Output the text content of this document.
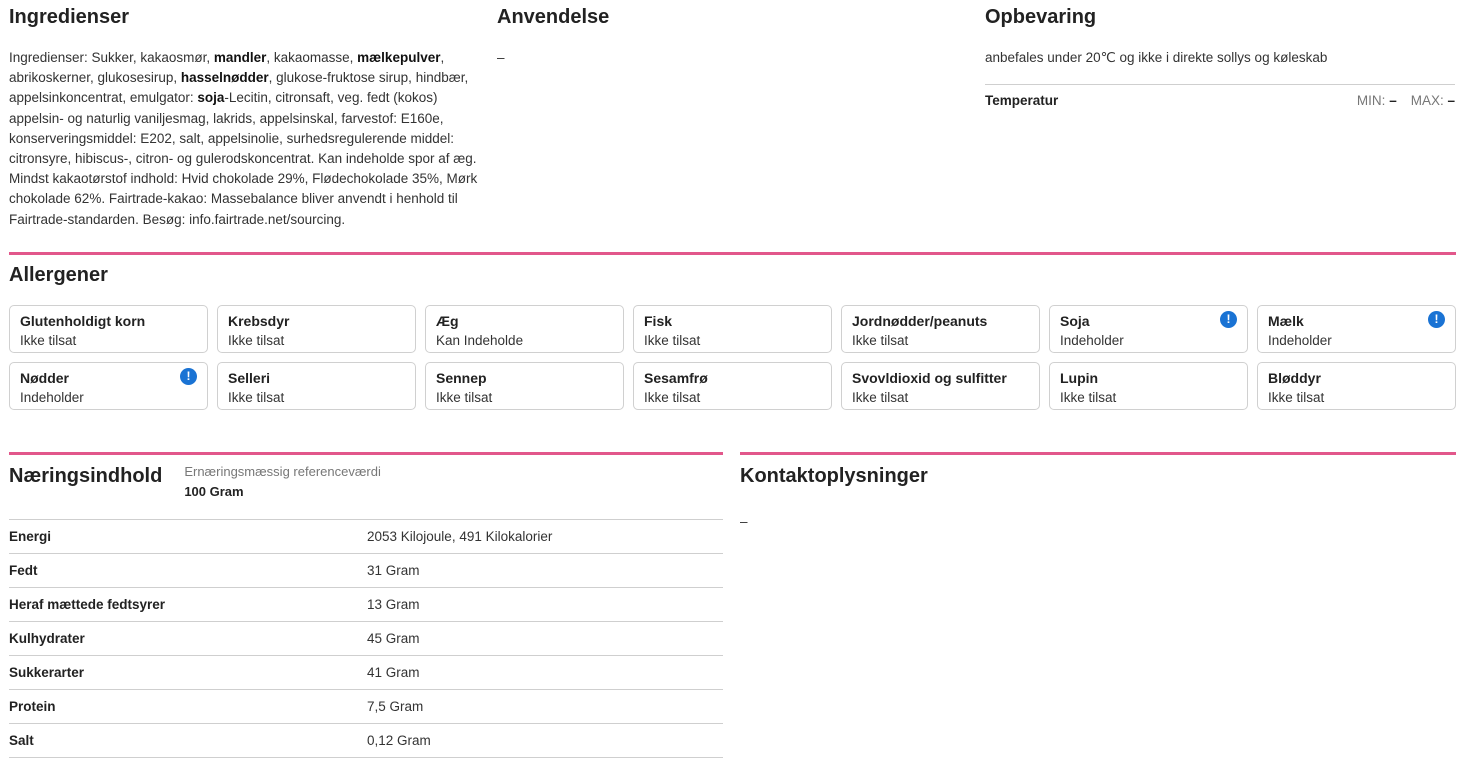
Ingredienser
Ingredienser: Sukker, kakaosmør, mandler, kakaomasse, mælkepulver, abrikoskerner, glukosesirup, hasselnødder, glukose-fruktose sirup, hindbær, appelsinkoncentrat, emulgator: soja-Lecitin, citronsaft, veg. fedt (kokos) appelsin- og naturlig vaniljesmag, lakrids, appelsinskal, farvestof: E160e, konserveringsmiddel: E202, salt, appelsinolie, surhedsregulerende middel: citronsyre, hibiscus-, citron- og gulerodskoncentrat. Kan indeholde spor af æg. Mindst kakaotørstof indhold: Hvid chokolade 29%, Flødechokolade 35%, Mørk chokolade 62%. Fairtrade-kakao: Massebalance bliver anvendt i henhold til Fairtrade-standarden. Besøg: info.fairtrade.net/sourcing.
Anvendelse
–
Opbevaring
anbefales under 20℃ og ikke i direkte sollys og køleskab
Temperatur	MIN: – MAX: –
Allergener
Glutenholdigt korn
Ikke tilsat
Krebsdyr
Ikke tilsat
Æg
Kan Indeholde
Fisk
Ikke tilsat
Jordnødder/peanuts
Ikke tilsat
Soja
Indeholder
!	Mælk
Indeholder
!
Nødder
Indeholder
!	Selleri
Ikke tilsat
Sennep
Ikke tilsat
Sesamfrø
Ikke tilsat
Svovldioxid og sulfitter
Ikke tilsat
Lupin
Ikke tilsat
Bløddyr
Ikke tilsat
Næringsindhold Ernæringsmæssig referenceværdi
100 Gram
Energi	2053 Kilojoule, 491 Kilokalorier
Fedt	31 Gram
Heraf mættede fedtsyrer	13 Gram
Kulhydrater	45 Gram
Sukkerarter	41 Gram
Protein	7,5 Gram
Salt	0,12 Gram
Kontaktoplysninger
–
